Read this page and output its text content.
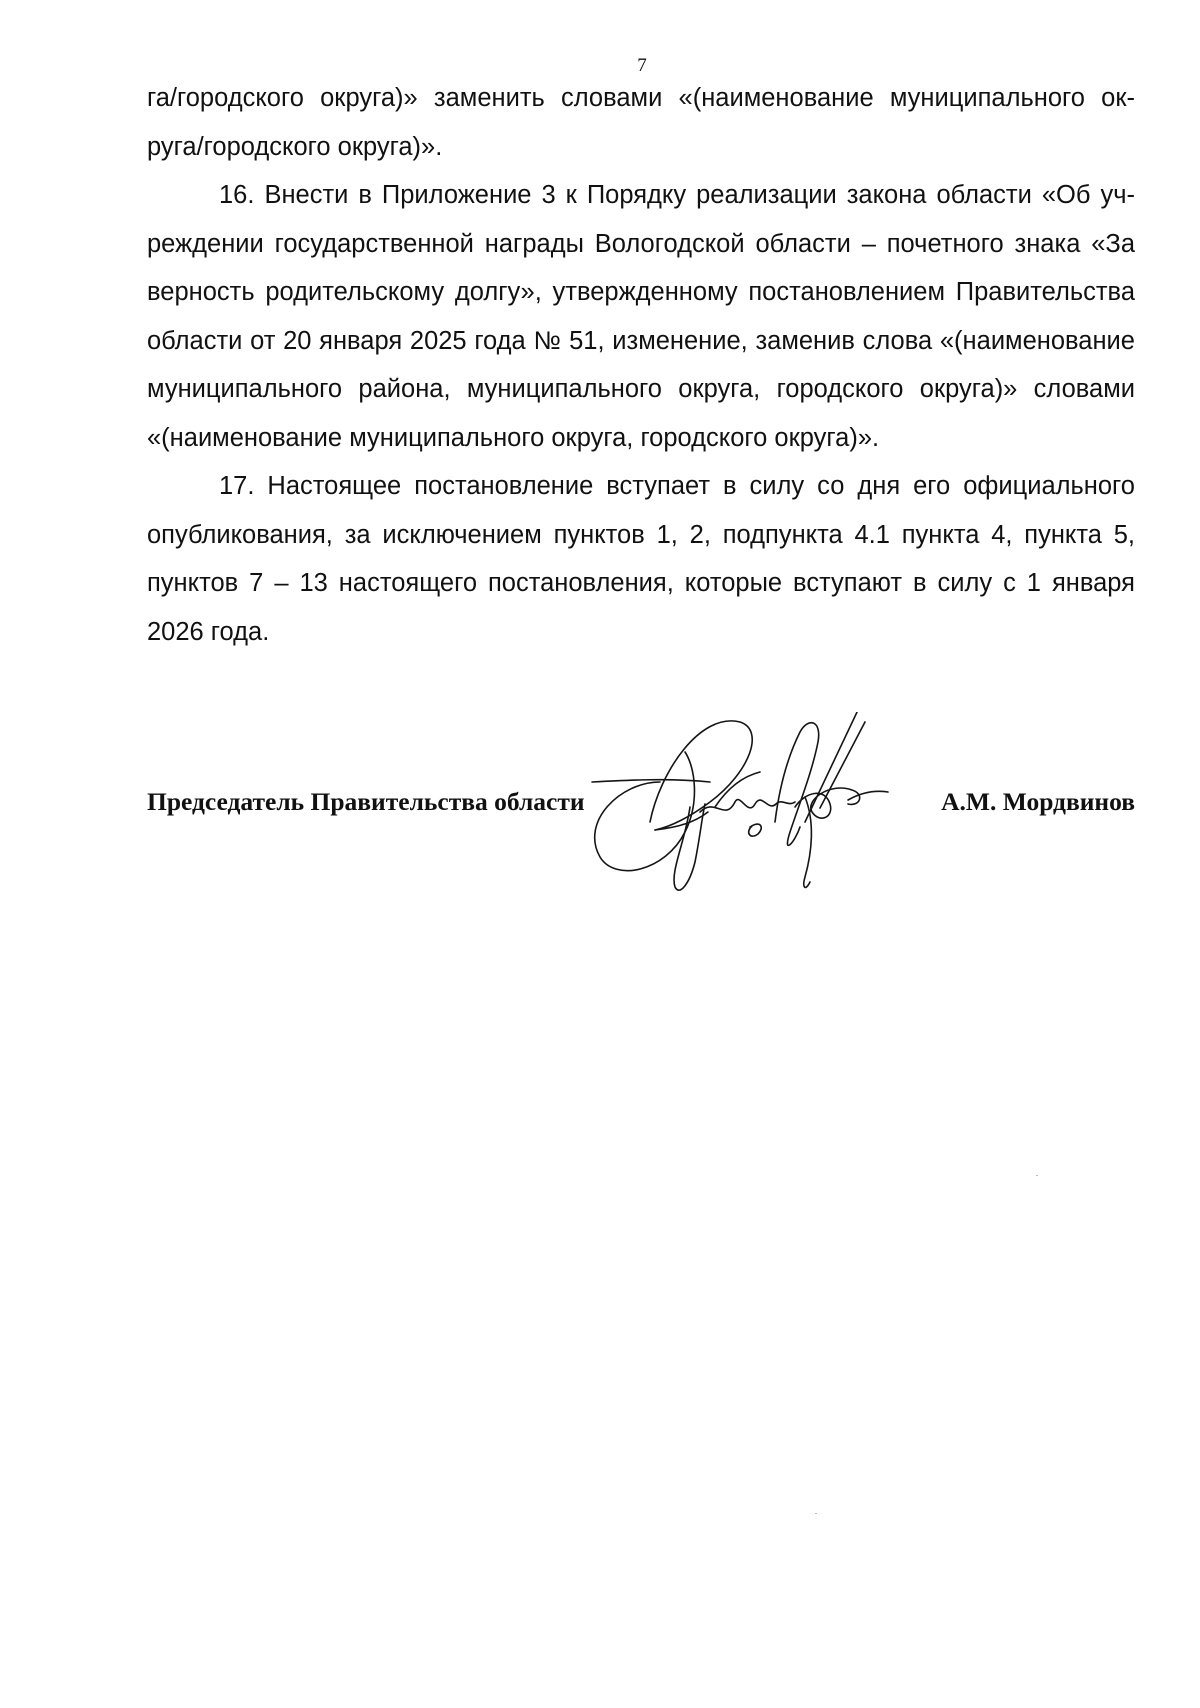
7
га/городского округа)» заменить словами «(наименование муниципального ок-
руга/городского округа)».
16. Внести в Приложение 3 к Порядку реализации закона области «Об уч-
реждении государственной награды Вологодской области – почетного знака «За
верность родительскому долгу», утвержденному постановлением Правительства
области от 20 января 2025 года № 51, изменение, заменив слова «(наименование
муниципального района, муниципального округа, городского округа)» словами
«(наименование муниципального округа, городского округа)».
17. Настоящее постановление вступает в силу со дня его официального
опубликования, за исключением пунктов 1, 2, подпункта 4.1 пункта 4, пункта 5,
пунктов 7 – 13 настоящего постановления, которые вступают в силу с 1 января
2026 года.
Председатель Правительства области	А.М. Мордвинов
